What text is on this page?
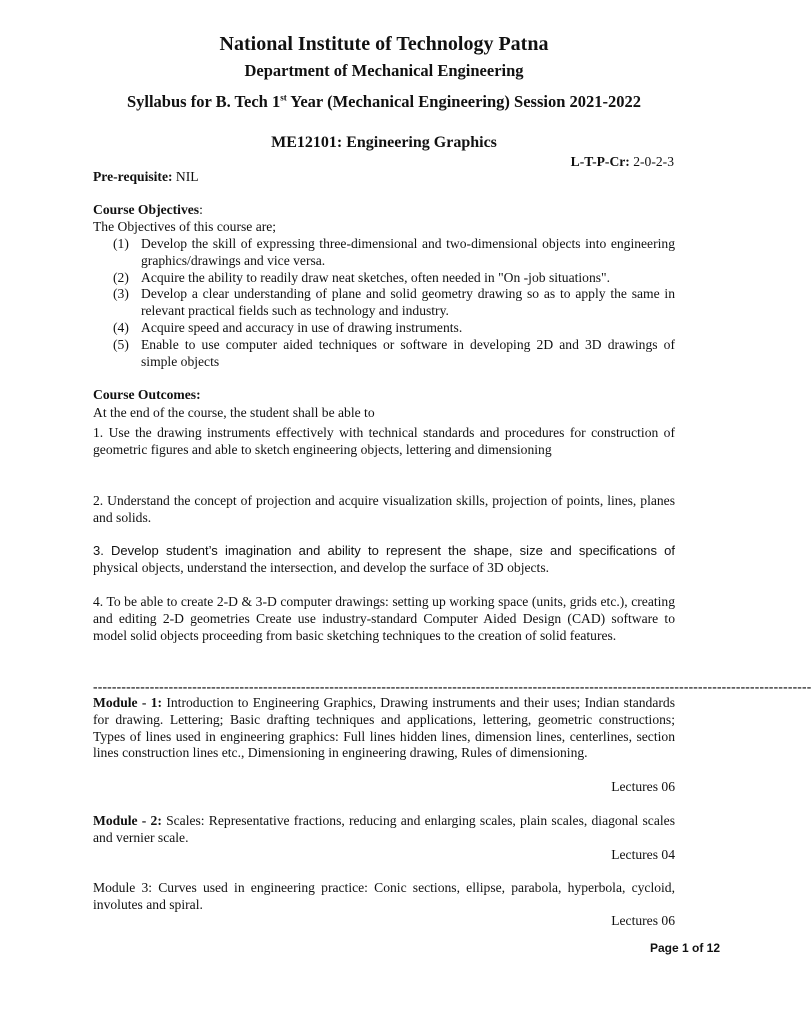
National Institute of Technology Patna
Department of Mechanical Engineering
Syllabus for B. Tech 1st Year (Mechanical Engineering) Session 2021-2022
ME12101: Engineering Graphics
L-T-P-Cr: 2-0-2-3
Pre-requisite: NIL
Course Objectives:
The Objectives of this course are;
(1) Develop the skill of expressing three-dimensional and two-dimensional objects into engineering graphics/drawings and vice versa.
(2) Acquire the ability to readily draw neat sketches, often needed in "On -job situations".
(3) Develop a clear understanding of plane and solid geometry drawing so as to apply the same in relevant practical fields such as technology and industry.
(4) Acquire speed and accuracy in use of drawing instruments.
(5) Enable to use computer aided techniques or software in developing 2D and 3D drawings of simple objects
Course Outcomes:
At the end of the course, the student shall be able to
1. Use the drawing instruments effectively with technical standards and procedures for construction of geometric figures and able to sketch engineering objects, lettering and dimensioning
2. Understand the concept of projection and acquire visualization skills, projection of points, lines, planes and solids.
3. Develop student’s imagination and ability to represent the shape, size and specifications of physical objects, understand the intersection, and develop the surface of 3D objects.
4. To be able to create 2-D & 3-D computer drawings: setting up working space (units, grids etc.), creating and editing 2-D geometries Create use industry-standard Computer Aided Design (CAD) software to model solid objects proceeding from basic sketching techniques to the creation of solid features.
--------------------------------------------------------------------------------------------------------------------------------------------------------
Module - 1: Introduction to Engineering Graphics, Drawing instruments and their uses; Indian standards for drawing. Lettering; Basic drafting techniques and applications, lettering, geometric constructions; Types of lines used in engineering graphics: Full lines hidden lines, dimension lines, centerlines, section lines construction lines etc., Dimensioning in engineering drawing, Rules of dimensioning.
Lectures 06
Module - 2: Scales: Representative fractions, reducing and enlarging scales, plain scales, diagonal scales and vernier scale.
Lectures 04
Module 3: Curves used in engineering practice: Conic sections, ellipse, parabola, hyperbola, cycloid, involutes and spiral.
Lectures 06
Page 1 of 12
